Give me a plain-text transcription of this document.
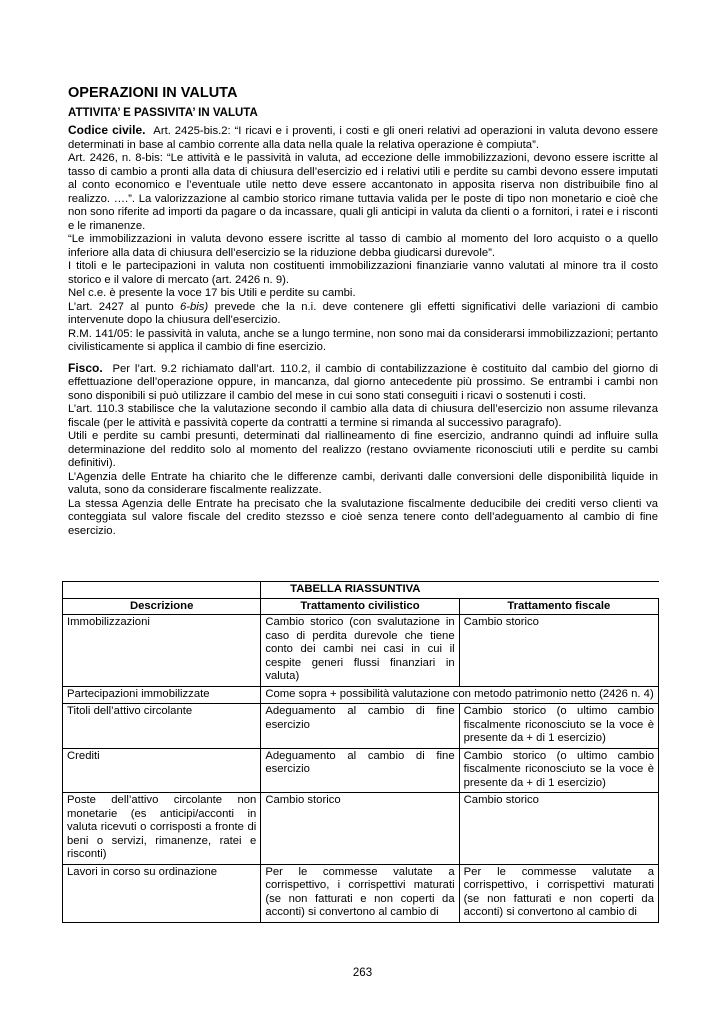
OPERAZIONI IN VALUTA
ATTIVITA’ E PASSIVITA’ IN VALUTA

Codice civile. Art. 2425-bis.2: “I ricavi e i proventi, i costi e gli oneri relativi ad operazioni in valuta devono essere determinati in base al cambio corrente alla data nella quale la relativa operazione è compiuta”.

Art. 2426, n. 8-bis: “Le attività e le passività in valuta, ad eccezione delle immobilizzazioni, devono essere iscritte al tasso di cambio a pronti alla data di chiusura dell’esercizio ed i relativi utili e perdite su cambi devono essere imputati al conto economico e l’eventuale utile netto deve essere accantonato in apposita riserva non distribuibile fino al realizzo. ….”. La valorizzazione al cambio storico rimane tuttavia valida per le poste di tipo non monetario e cioè che non sono riferite ad importi da pagare o da incassare, quali gli anticipi in valuta da clienti o a fornitori, i ratei e i risconti e le rimanenze.

“Le immobilizzazioni in valuta devono essere iscritte al tasso di cambio al momento del loro acquisto o a quello inferiore alla data di chiusura dell’esercizio se la riduzione debba giudicarsi durevole”.

I titoli e le partecipazioni in valuta non costituenti immobilizzazioni finanziarie vanno valutati al minore tra il costo storico e il valore di mercato (art. 2426 n. 9).

Nel c.e. è presente la voce 17 bis Utili e perdite su cambi.

L’art. 2427 al punto 6-bis) prevede che la n.i. deve contenere gli effetti significativi delle variazioni di cambio intervenute dopo la chiusura dell'esercizio.

R.M. 141/05: le passività in valuta, anche se a lungo termine, non sono mai da considerarsi immobilizzazioni; pertanto civilisticamente si applica il cambio di fine esercizio.

Fisco. Per l’art. 9.2 richiamato dall’art. 110.2, il cambio di contabilizzazione è costituito dal cambio del giorno di effettuazione dell’operazione oppure, in mancanza, dal giorno antecedente più prossimo. Se entrambi i cambi non sono disponibili si può utilizzare il cambio del mese in cui sono stati conseguiti i ricavi o sostenuti i costi.

L’art. 110.3 stabilisce che la valutazione secondo il cambio alla data di chiusura dell’esercizio non assume rilevanza fiscale (per le attività e passività coperte da contratti a termine si rimanda al successivo paragrafo).

Utili e perdite su cambi presunti, determinati dal riallineamento di fine esercizio, andranno quindi ad influire sulla determinazione del reddito solo al momento del realizzo (restano ovviamente riconosciuti utili e perdite su cambi definitivi).

L’Agenzia delle Entrate ha chiarito che le differenze cambi, derivanti dalle conversioni delle disponibilità liquide in valuta, sono da considerare fiscalmente realizzate.

La stessa Agenzia delle Entrate ha precisato che la svalutazione fiscalmente deducibile dei crediti verso clienti va conteggiata sul valore fiscale del credito stezsso e cioè senza tenere conto dell’adeguamento al cambio di fine esercizio.

	TABELLA RIASSUNTIVA	
Descrizione	Trattamento civilistico	Trattamento fiscale
Immobilizzazioni	Cambio storico (con svalutazione in caso di perdita durevole che tiene conto dei cambi nei casi in cui il cespite generi flussi finanziari in valuta)	Cambio storico
Partecipazioni immobilizzate	Come sopra + possibilità valutazione con metodo patrimonio netto (2426 n. 4)	
Titoli dell’attivo circolante	Adeguamento al cambio di fine esercizio	Cambio storico (o ultimo cambio fiscalmente riconosciuto se la voce è presente da + di 1 esercizio)
Crediti	Adeguamento al cambio di fine esercizio	Cambio storico (o ultimo cambio fiscalmente riconosciuto se la voce è presente da + di 1 esercizio)
Poste dell’attivo circolante non monetarie (es anticipi/acconti in valuta ricevuti o corrisposti a fronte di beni o servizi, rimanenze, ratei e risconti)	Cambio storico	Cambio storico
Lavori in corso su ordinazione	Per le commesse valutate a corrispettivo, i corrispettivi maturati (se non fatturati e non coperti da acconti) si convertono al cambio di	Per le commesse valutate a corrispettivo, i corrispettivi maturati (se non fatturati e non coperti da acconti) si convertono al cambio di
263
